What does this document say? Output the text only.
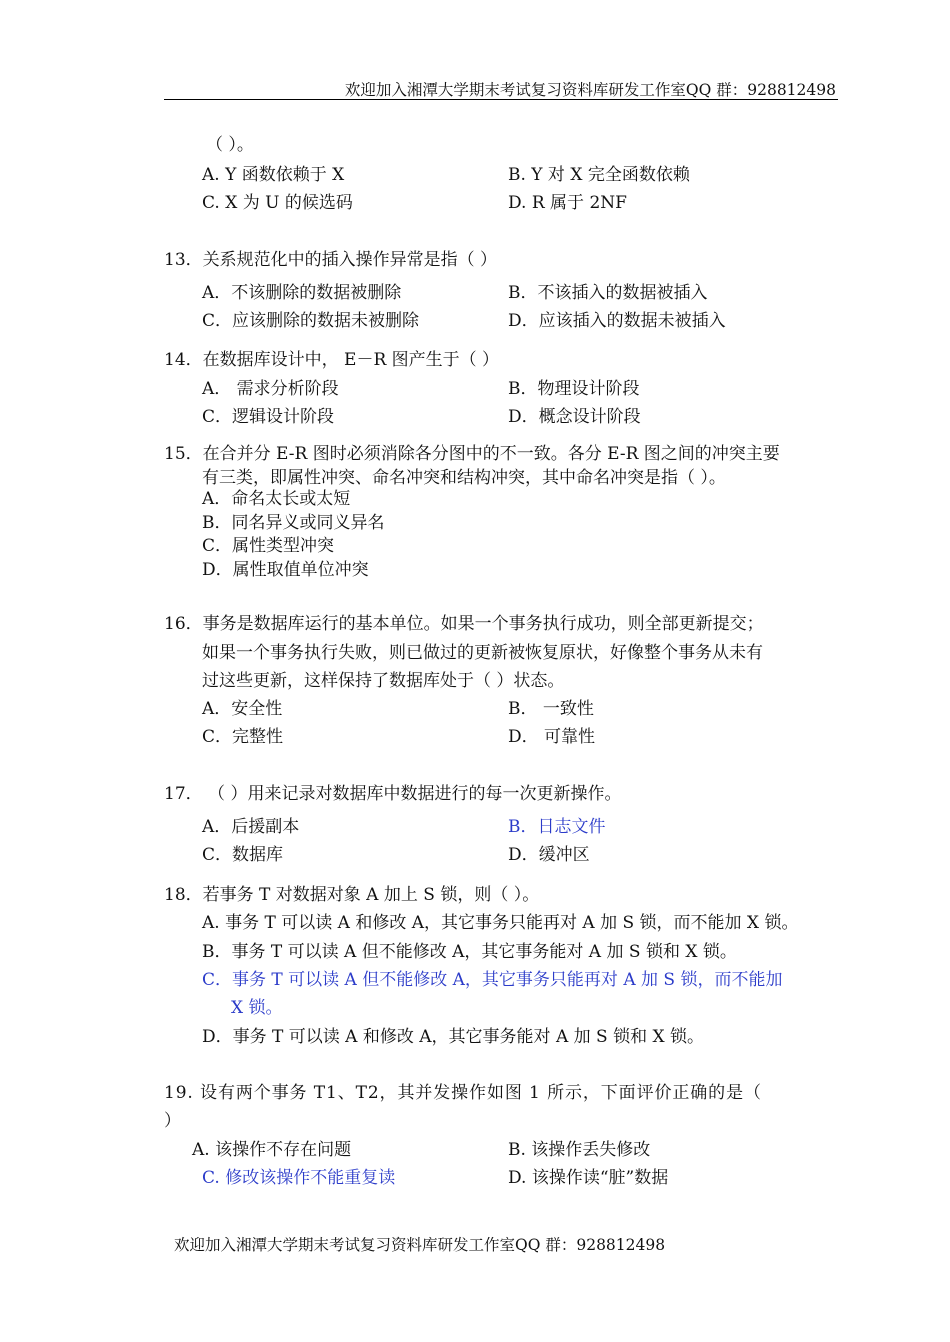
欢迎加入湘潭大学期末考试复习资料库研发工作室QQ 群：928812498
（ ）。
A. Y 函数依赖于 X	B. Y 对 X 完全函数依赖
C. X 为 U 的候选码	D. R 属于 2NF
13．关系规范化中的插入操作异常是指（ ）
A．不该删除的数据被删除	B．不该插入的数据被插入
C．应该删除的数据未被删除	D．应该插入的数据未被插入
14．在数据库设计中， E－R 图产生于（ ）
A． 需求分析阶段	B．物理设计阶段
C．逻辑设计阶段	D．概念设计阶段
15．在合并分 E-R 图时必须消除各分图中的不一致。各分 E-R 图之间的冲突主要
有三类，即属性冲突、命名冲突和结构冲突，其中命名冲突是指（ ）。
A．命名太长或太短
B．同名异义或同义异名
C．属性类型冲突
D．属性取值单位冲突
16．事务是数据库运行的基本单位。如果一个事务执行成功，则全部更新提交；
如果一个事务执行失败，则已做过的更新被恢复原状，好像整个事务从未有
过这些更新，这样保持了数据库处于（ ）状态。
A．安全性	B． 一致性
C．完整性	D． 可靠性
17． （ ）用来记录对数据库中数据进行的每一次更新操作。
A．后援副本	B．日志文件
C．数据库	D．缓冲区
18．若事务 T 对数据对象 A 加上 S 锁，则（ ）。
A. 事务 T 可以读 A 和修改 A，其它事务只能再对 A 加 S 锁，而不能加 X 锁。
B．事务 T 可以读 A 但不能修改 A，其它事务能对 A 加 S 锁和 X 锁。
C．事务 T 可以读 A 但不能修改 A，其它事务只能再对 A 加 S 锁，而不能加
X 锁。
D．事务 T 可以读 A 和修改 A，其它事务能对 A 加 S 锁和 X 锁。
19. 设有两个事务 T1、T2，其并发操作如图 1 所示，下面评价正确的是（
）
A. 该操作不存在问题	B. 该操作丢失修改
C. 修改该操作不能重复读	D. 该操作读“脏”数据
欢迎加入湘潭大学期末考试复习资料库研发工作室QQ 群：928812498
